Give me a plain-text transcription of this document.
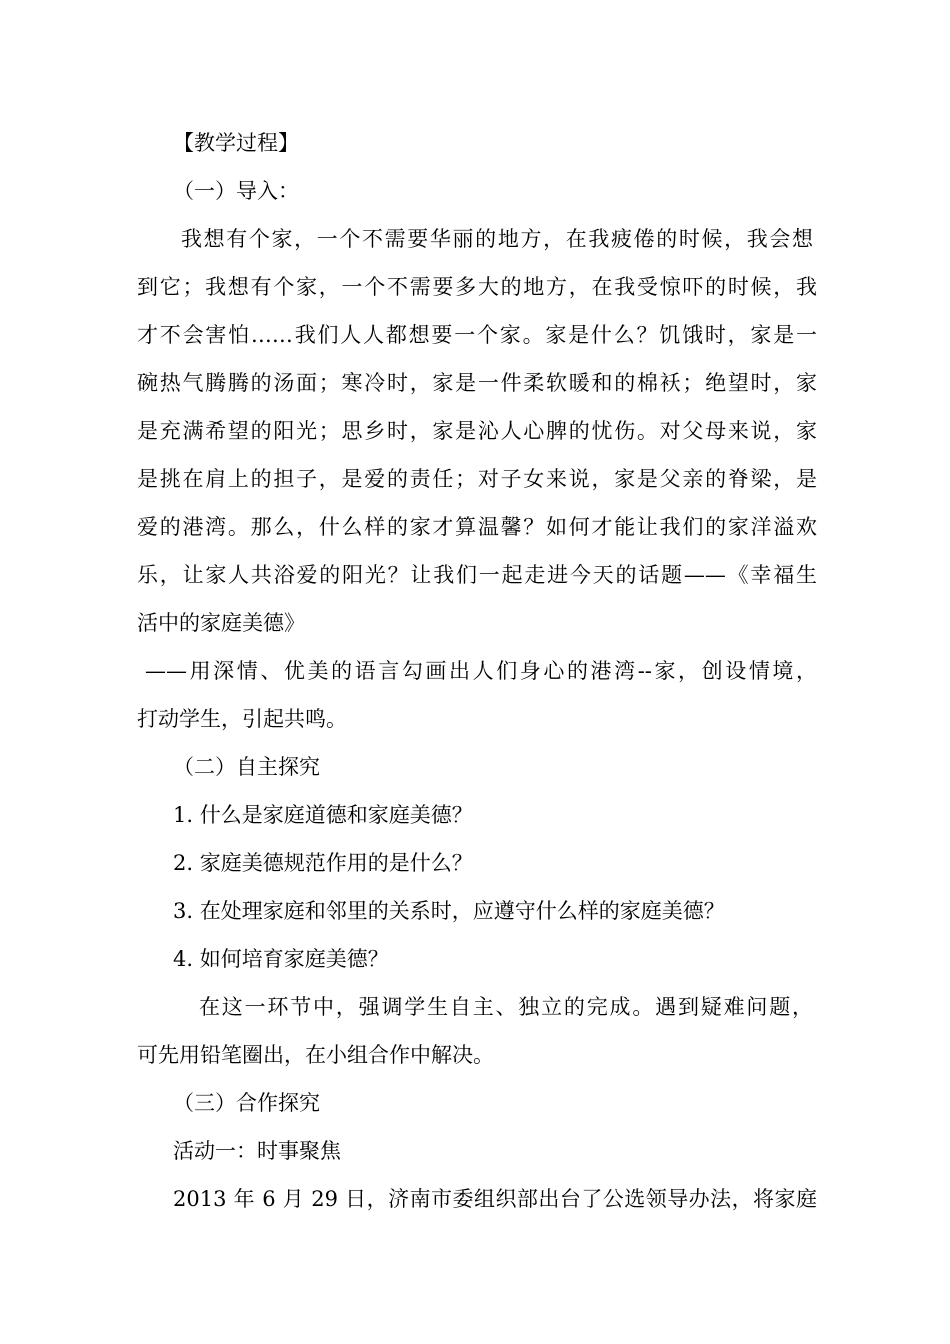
【教学过程】
（一）导入：
我想有个家，一个不需要华丽的地方，在我疲倦的时候，我会想
到它；我想有个家，一个不需要多大的地方，在我受惊吓的时候，我
才不会害怕……我们人人都想要一个家。家是什么？饥饿时，家是一
碗热气腾腾的汤面；寒冷时，家是一件柔软暖和的棉袄；绝望时，家
是充满希望的阳光；思乡时，家是沁人心脾的忧伤。对父母来说，家
是挑在肩上的担子，是爱的责任；对子女来说，家是父亲的脊梁，是
爱的港湾。那么，什么样的家才算温馨？如何才能让我们的家洋溢欢
乐，让家人共浴爱的阳光？让我们一起走进今天的话题——《幸福生
活中的家庭美德》
——用深情、优美的语言勾画出人们身心的港湾--家，创设情境，
打动学生，引起共鸣。
（二）自主探究
1. 什么是家庭道德和家庭美德？
2. 家庭美德规范作用的是什么？
3. 在处理家庭和邻里的关系时，应遵守什么样的家庭美德？
4. 如何培育家庭美德？
在这一环节中，强调学生自主、独立的完成。遇到疑难问题，
可先用铅笔圈出，在小组合作中解决。
（三）合作探究
活动一：时事聚焦
2013 年 6 月 29 日，济南市委组织部出台了公选领导办法，将家庭
